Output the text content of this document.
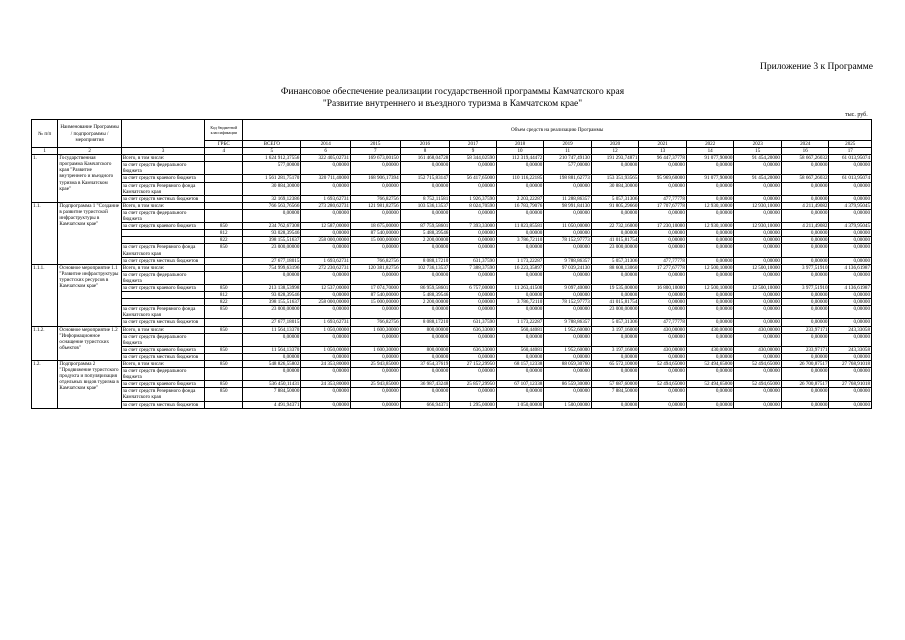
Приложение 3 к Программе
Финансовое обеспечение реализации государственной программы Камчатского края
"Развитие внутреннего и въездного туризма в Камчатском крае"
тыс. руб.
№ п/п	Наименование Программы / подпрограммы / мероприятия		Код бюджетной классификации	Объем средств на реализацию Программы												
			ГРБС	ВСЕГО	2014	2015	2016	2017	2018	2019	2020	2021	2022	2023	2024	2025
1	2	3	4	5	6	7	8	9	10	11	12	13	14	15	16	17
1.	Государственная программа Камчатского края "Развитие внутреннего и въездного туризма в Камчатском крае"	Всего, в том числе:		1 624 912,37556	322 405,02731	169 673,00150	161 468,04728	58 344,02590	112 319,44472	210 747,49130	191 293,74871	96 447,37778	91 077,90000	91 454,20000	58 667,26032	61 013,95074
		за счет средств федерального бюджета		577,00000	0,00000	0,00000	0,00000	0,00000	0,00000	577,00000	0,00000	0,00000	0,00000	0,00000	0,00000	0,00000
		за счет средств краевого бюджета		1 561 281,75170	320 711,40000	168 906,17394	152 715,83147	56 417,65000	110 116,22185	198 881,62773	153 351,93565	95 969,60000	91 077,90000	91 454,20000	58 667,26032	61 013,95074
		за счет средств Резервного фонда Камчатского края		30 884,30000	0,00000	0,00000	0,00000	0,00000	0,00000	0,00000	30 884,30000	0,00000	0,00000	0,00000	0,00000	0,00000
		за счет средств местных бюджетов		32 169,12386	1 693,62731	766,82756	8 752,11581	1 926,37590	2 203,22287	11 288,86357	5 057,31306	477,77778	0,00000	0,00000	0,00000	0,00000
1.1.	Подпрограмма 1 "Создание в развитие туристской инфраструктуры в Камчатском крае"	Всего, в том числе:		766 563,76566	273 280,62731	121 981,82756	103 536,13537	8 024,70590	16 783,79076	98 991,84130	91 805,29660	17 707,67778	12 930,10000	12 930,10000	4 211,49082	4 379,95045
		за счет средств федерального бюджета		0,00000	0,00000	0,00000	0,00000	0,00000	0,00000	0,00000	0,00000	0,00000	0,00000	0,00000	0,00000	0,00000
		за счет средств краевого бюджета	850	234 762,67308	12 587,00000	18 675,00000	87 759,58601	7 393,33000	11 823,85581	11 050,00000	22 732,16000	17 230,10000	12 930,10000	12 930,10000	4 211,49082	4 379,95045
			812	93 028,39546	0,00000	87 540,00000	5 488,39546	0,00000	0,00000	0,00000	0,00000	0,00000	0,00000	0,00000	0,00000	0,00000
			822	398 155,51637	258 000,00000	15 000,00000	2 200,00000	0,00000	3 786,72110	78 152,97773	41 015,81754	0,00000	0,00000	0,00000	0,00000	0,00000
		за счет средств Резервного фонда Камчатского края	850	23 000,00000	0,00000	0,00000	0,00000	0,00000	0,00000	0,00000	23 000,00000	0,00000	0,00000	0,00000	0,00000	0,00000
		за счет средств местных бюджетов		27 677,18015	1 693,62731	766,82756	8 088,17210	631,37590	1 173,22287	9 788,86357	5 057,31306	477,77778	0,00000	0,00000	0,00000	0,00000
1.1.1.	Основное мероприятие 1.1 "Развитие инфраструктуры туристских ресурсов в Камчатском крае"	Всего, в том числе:		754 999,63196	272 230,62731	120 381,82756	102 736,13537	7 388,37590	16 223,35897	97 039,24130	88 608,13060	17 277,67778	12 500,10000	12 500,10000	3 977,51910	4 136,61987
		за счет средств федерального бюджета		0,00000	0,00000	0,00000	0,00000	0,00000	0,00000	0,00000	0,00000	0,00000	0,00000	0,00000	0,00000	0,00000
		за счет средств краевого бюджета	850	213 138,53998	12 537,00000	17 074,70000	86 959,58601	6 757,00000	11 263,41500	9 097,40000	19 535,00000	16 800,10000	12 500,10000	12 500,10000	3 977,51910	4 136,61987
			812	93 028,39546	0,00000	87 540,00000	5 488,39546	0,00000	0,00000	0,00000	0,00000	0,00000	0,00000	0,00000	0,00000	0,00000
			822	398 155,51637	258 000,00000	15 000,00000	2 200,00000	0,00000	3 786,72110	78 152,97773	41 015,81754	0,00000	0,00000	0,00000	0,00000	0,00000
		за счет средств Резервного фонда Камчатского края	850	23 000,00000	0,00000	0,00000	0,00000	0,00000	0,00000	0,00000	23 000,00000	0,00000	0,00000	0,00000	0,00000	0,00000
		за счет средств местных бюджетов		27 677,18015	1 693,62731	766,82756	8 088,17210	631,37590	1 173,22287	9 788,86357	5 057,31306	477,77778	0,00000	0,00000	0,00000	0,00000
1.1.2.	Основное мероприятие 1.2 "Информационное оснащение туристских объектов"	Всего, в том числе:	850	11 564,13370	1 050,00000	1 600,30000	800,00000	636,33000	560,44081	1 952,60000	3 197,16000	430,00000	430,00000	430,00000	233,97171	243,33058
		за счет средств федерального бюджета		0,00000	0,00000	0,00000	0,00000	0,00000	0,00000	0,00000	0,00000	0,00000	0,00000	0,00000	0,00000	0,00000
		за счет средств краевого бюджета	850	11 564,13370	1 050,00000	1 600,30000	800,00000	636,33000	560,44081	1 952,60000	3 197,16000	430,00000	430,00000	430,00000	233,97171	243,33058
		за счет средств местных бюджетов		0,00000	0,00000	0,00000	0,00000	0,00000	0,00000	0,00000	0,00000	0,00000	0,00000	0,00000	0,00000	0,00000
1.2.	Подпрограмма 2 "Продвижение туристского продукта и популяризация отдельных видов туризма в Камчатском крае"	Всего, в том числе:	850	548 826,55802	24 353,80000	25 943,85000	37 654,37619	27 152,29950	68 157,12338	88 059,30760	65 572,10000	52 494,65000	52 494,65000	52 494,65000	26 700,87517	27 768,91018
		за счет средств федерального бюджета		0,00000	0,00000	0,00000	0,00000	0,00000	0,00000	0,00000	0,00000	0,00000	0,00000	0,00000	0,00000	0,00000
		за счет средств краевого бюджета	850	536 450,11431	24 353,80000	25 943,85000	36 987,43248	25 857,29950	67 107,12338	86 559,30000	57 687,60000	52 494,65000	52 494,65000	52 494,65000	26 700,87517	27 768,91018
		за счет средств Резервного фонда Камчатского края	850	7 884,50000	0,00000	0,00000	0,00000	0,00000	0,00000	0,00000	7 884,50000	0,00000	0,00000	0,00000	0,00000	0,00000
		за счет средств местных бюджетов		4 491,94371	0,00000	0,00000	666,94371	1 295,00000	1 050,00000	1 500,00000	0,00000	0,00000	0,00000	0,00000	0,00000	0,00000
